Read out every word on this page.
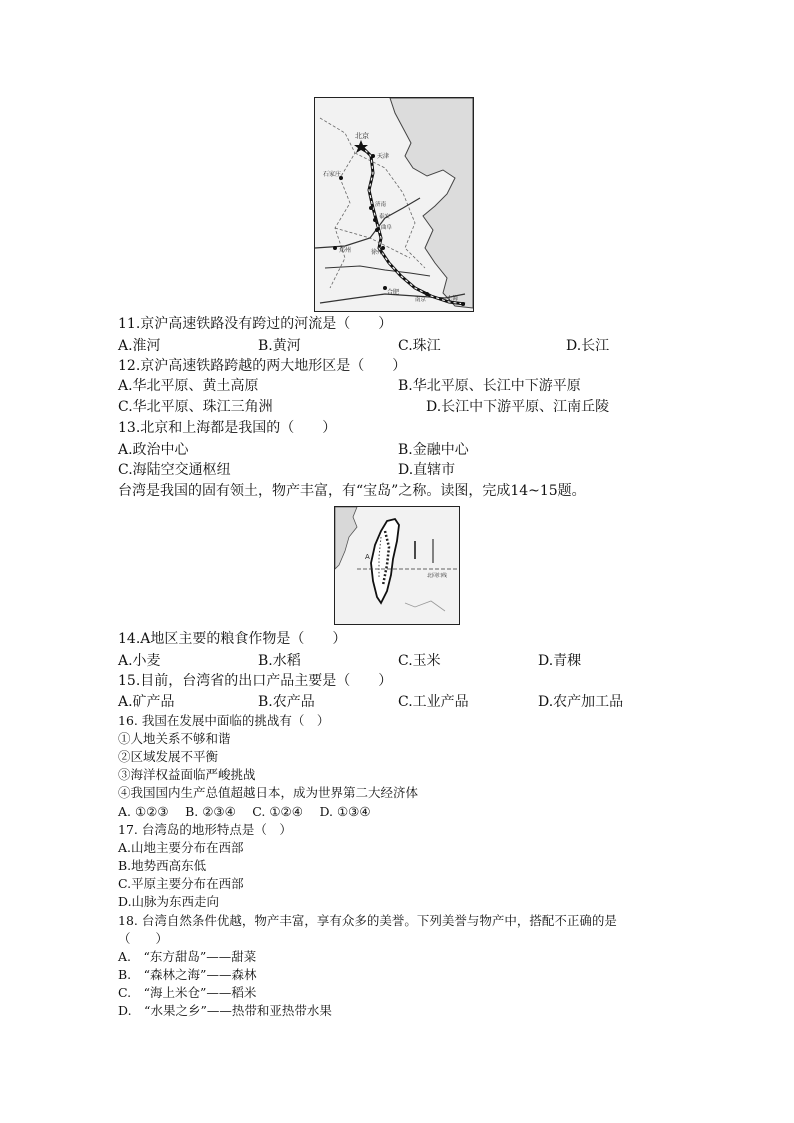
北京
天津
石家庄
济南
泰安
曲阜
郑州	徐州
合肥
南京	上海
11.京沪高速铁路没有跨过的河流是（　　）
A.淮河	B.黄河	C.珠江	D.长江
12.京沪高速铁路跨越的两大地形区是（　　）
A.华北平原、黄土高原	B.华北平原、长江中下游平原
C.华北平原、珠江三角洲	D.长江中下游平原、江南丘陵
13.北京和上海都是我国的（　　）
A.政治中心	B.金融中心
C.海陆空交通枢纽	D.直辖市
台湾是我国的固有领土，物产丰富，有“宝岛”之称。读图，完成14~15题。
A
北回归线
14.A地区主要的粮食作物是（　　）
A.小麦	B.水稻	C.玉米	D.青稞
15.目前，台湾省的出口产品主要是（　　）
A.矿产品	B.农产品	C.工业产品	D.农产加工品
16. 我国在发展中面临的挑战有（　）
①人地关系不够和谐
②区域发展不平衡
③海洋权益面临严峻挑战
④我国国内生产总值超越日本，成为世界第二大经济体
A. ①②③　 B. ②③④　 C. ①②④　 D. ①③④
17. 台湾岛的地形特点是（　）
A.山地主要分布在西部
B.地势西高东低
C.平原主要分布在西部
D.山脉为东西走向
18. 台湾自然条件优越，物产丰富，享有众多的美誉。下列美誉与物产中，搭配不正确的是
（　　）
A.　“东方甜岛”——甜菜
B.　“森林之海”——森林
C.　“海上米仓”——稻米
D.　“水果之乡”——热带和亚热带水果
